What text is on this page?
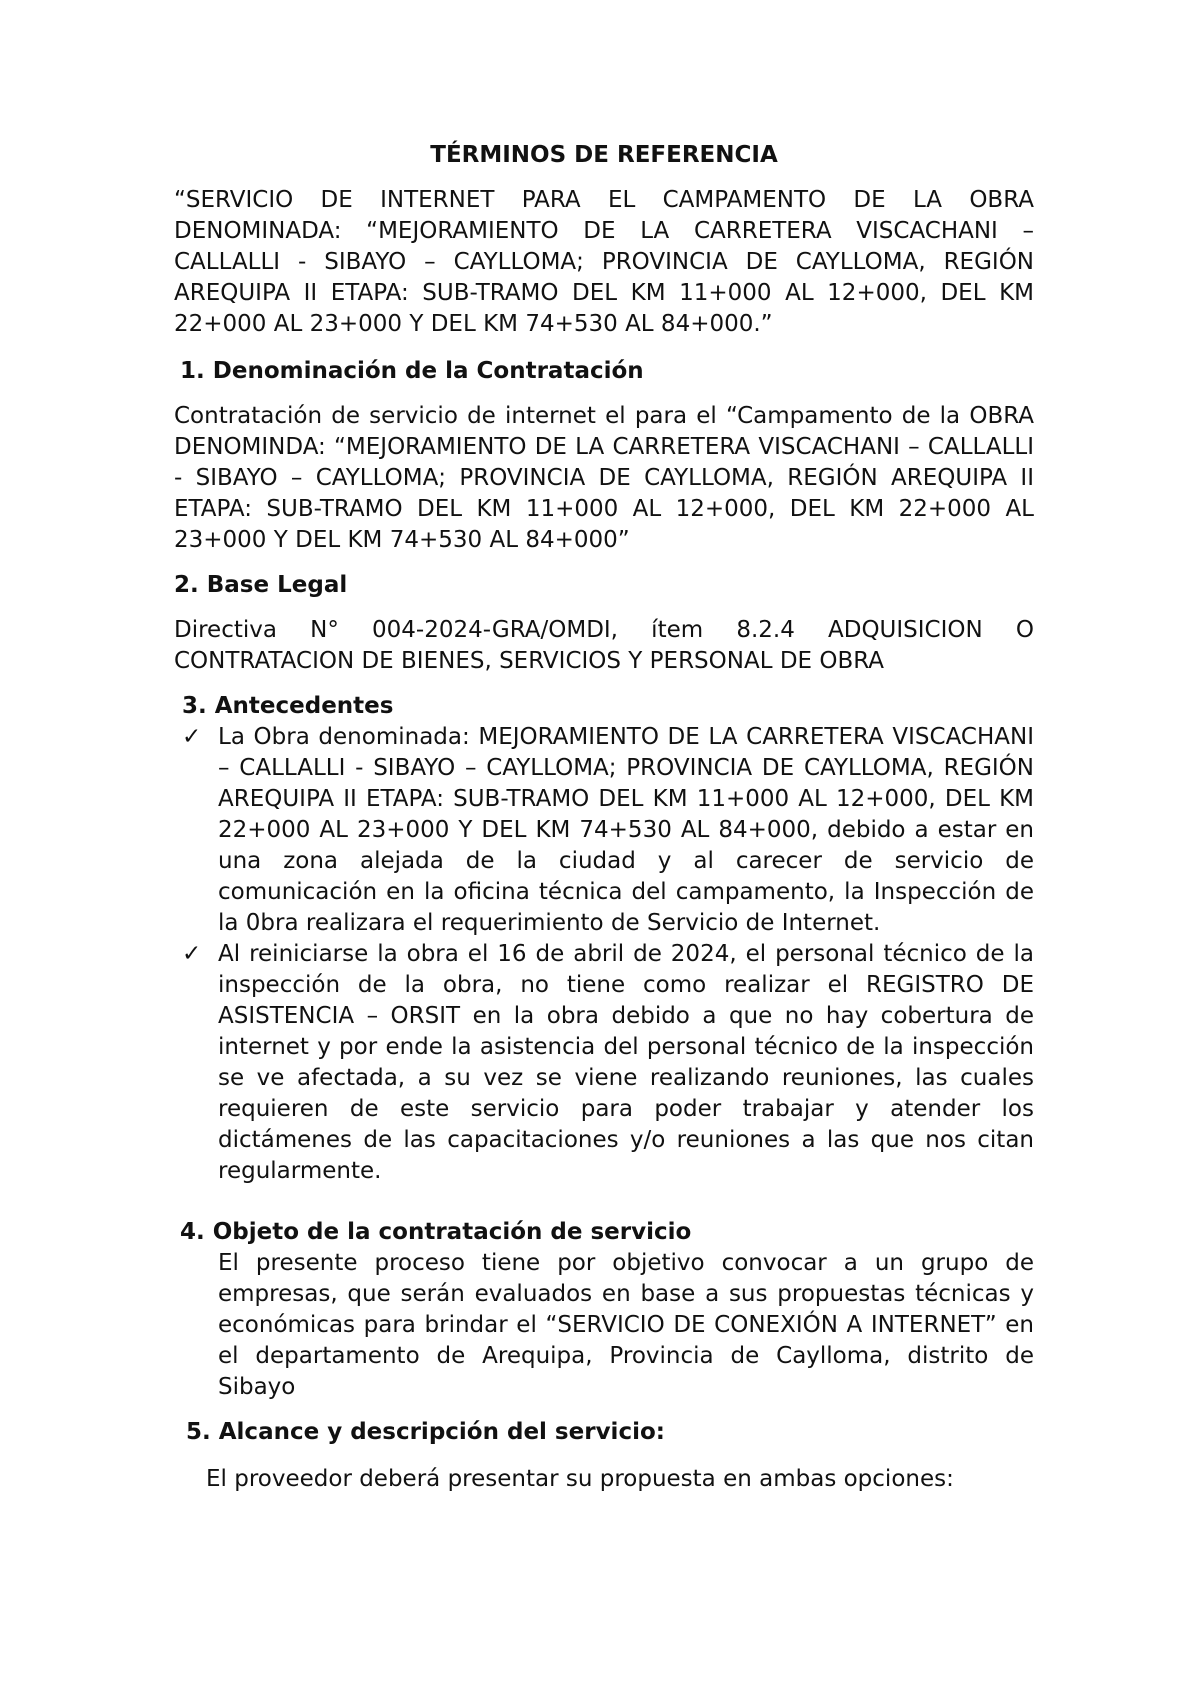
TÉRMINOS DE REFERENCIA

“SERVICIO DE INTERNET PARA EL CAMPAMENTO DE LA OBRA DENOMINADA: “MEJORAMIENTO DE LA CARRETERA VISCACHANI – CALLALLI - SIBAYO – CAYLLOMA; PROVINCIA DE CAYLLOMA, REGIÓN AREQUIPA II ETAPA: SUB-TRAMO DEL KM 11+000 AL 12+000, DEL KM 22+000 AL 23+000 Y DEL KM 74+530 AL 84+000.”

1. Denominación de la Contratación

Contratación de servicio de internet el para el “Campamento de la OBRA DENOMINDA: “MEJORAMIENTO DE LA CARRETERA VISCACHANI – CALLALLI - SIBAYO – CAYLLOMA; PROVINCIA DE CAYLLOMA, REGIÓN AREQUIPA II ETAPA: SUB-TRAMO DEL KM 11+000 AL 12+000, DEL KM 22+000 AL 23+000 Y DEL KM 74+530 AL 84+000”

2. Base Legal

Directiva N° 004-2024-GRA/OMDI, ítem 8.2.4 ADQUISICION O CONTRATACION DE BIENES, SERVICIOS Y PERSONAL DE OBRA

3. Antecedentes

✓ La Obra denominada: MEJORAMIENTO DE LA CARRETERA VISCACHANI – CALLALLI - SIBAYO – CAYLLOMA; PROVINCIA DE CAYLLOMA, REGIÓN AREQUIPA II ETAPA: SUB-TRAMO DEL KM 11+000 AL 12+000, DEL KM 22+000 AL 23+000 Y DEL KM 74+530 AL 84+000, debido a estar en una zona alejada de la ciudad y al carecer de servicio de comunicación en la oficina técnica del campamento, la Inspección de la 0bra realizara el requerimiento de Servicio de Internet.
✓ Al reiniciarse la obra el 16 de abril de 2024, el personal técnico de la inspección de la obra, no tiene como realizar el REGISTRO DE ASISTENCIA – ORSIT en la obra debido a que no hay cobertura de internet y por ende la asistencia del personal técnico de la inspección se ve afectada, a su vez se viene realizando reuniones, las cuales requieren de este servicio para poder trabajar y atender los dictámenes de las capacitaciones y/o reuniones a las que nos citan regularmente.

4. Objeto de la contratación de servicio

El presente proceso tiene por objetivo convocar a un grupo de empresas, que serán evaluados en base a sus propuestas técnicas y económicas para brindar el “SERVICIO DE CONEXIÓN A INTERNET” en el departamento de Arequipa, Provincia de Caylloma, distrito de Sibayo

5. Alcance y descripción del servicio:

El proveedor deberá presentar su propuesta en ambas opciones:
